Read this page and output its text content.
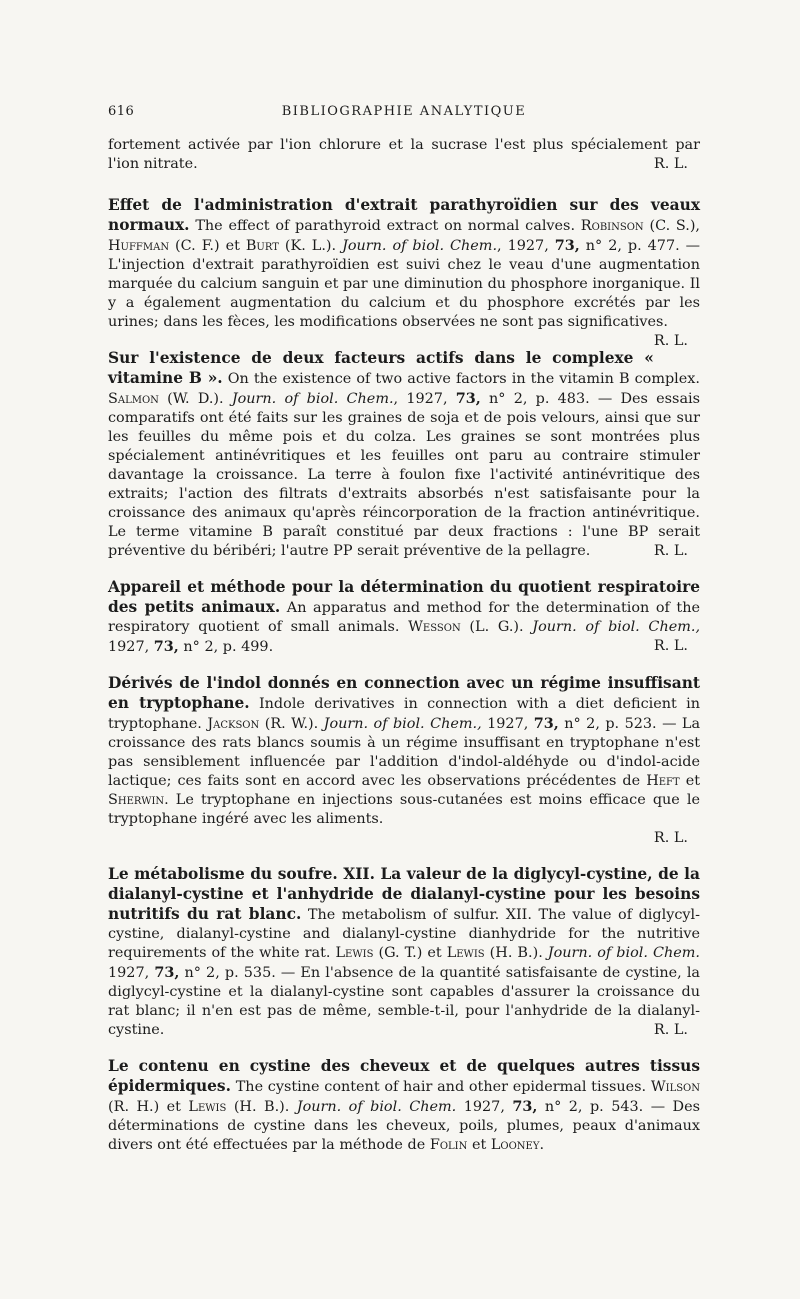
616	BIBLIOGRAPHIE ANALYTIQUE

fortement activée par l'ion chlorure et la sucrase l'est plus spécialement par l'ion nitrate.	R. L.

Effet de l'administration d'extrait parathyroïdien sur des veaux normaux. The effect of parathyroid extract on normal calves. Robinson (C. S.), Huffman (C. F.) et Burt (K. L.). Journ. of biol. Chem., 1927, 73, n° 2, p. 477. — L'injection d'extrait parathyroïdien est suivi chez le veau d'une augmentation marquée du calcium sanguin et par une diminution du phosphore inorganique. Il y a également augmentation du calcium et du phosphore excrétés par les urines; dans les fèces, les modifications observées ne sont pas significatives.
R. L.

Sur l'existence de deux facteurs actifs dans le complexe « vitamine B ». On the existence of two active factors in the vitamin B complex. Salmon (W. D.). Journ. of biol. Chem., 1927, 73, n° 2, p. 483. — Des essais comparatifs ont été faits sur les graines de soja et de pois velours, ainsi que sur les feuilles du même pois et du colza. Les graines se sont montrées plus spécialement antinévritiques et les feuilles ont paru au contraire stimuler davantage la croissance. La terre à foulon fixe l'activité antinévritique des extraits; l'action des filtrats d'extraits absorbés n'est satisfaisante pour la croissance des animaux qu'après réincorporation de la fraction antinévritique. Le terme vitamine B paraît constitué par deux fractions : l'une BP serait préventive du béribéri; l'autre PP serait préventive de la pellagre.	R. L.

Appareil et méthode pour la détermination du quotient respiratoire des petits animaux. An apparatus and method for the determination of the respiratory quotient of small animals. Wesson (L. G.). Journ. of biol. Chem., 1927, 73, n° 2, p. 499.	R. L.

Dérivés de l'indol donnés en connection avec un régime insuffisant en tryptophane. Indole derivatives in connection with a diet deficient in tryptophane. Jackson (R. W.). Journ. of biol. Chem., 1927, 73, n° 2, p. 523. — La croissance des rats blancs soumis à un régime insuffisant en tryptophane n'est pas sensiblement influencée par l'addition d'indol-aldéhyde ou d'indol-acide lactique; ces faits sont en accord avec les observations précédentes de Heft et Sherwin. Le tryptophane en injections sous-cutanées est moins efficace que le tryptophane ingéré avec les aliments.
R. L.

Le métabolisme du soufre. XII. La valeur de la diglycyl-cystine, de la dialanyl-cystine et l'anhydride de dialanyl-cystine pour les besoins nutritifs du rat blanc. The metabolism of sulfur. XII. The value of diglycyl-cystine, dialanyl-cystine and dialanyl-cystine dianhydride for the nutritive requirements of the white rat. Lewis (G. T.) et Lewis (H. B.). Journ. of biol. Chem. 1927, 73, n° 2, p. 535. — En l'absence de la quantité satisfaisante de cystine, la diglycyl-cystine et la dialanyl-cystine sont capables d'assurer la croissance du rat blanc; il n'en est pas de même, semble-t-il, pour l'anhydride de la dialanyl-cystine.	R. L.

Le contenu en cystine des cheveux et de quelques autres tissus épidermiques. The cystine content of hair and other epidermal tissues. Wilson (R. H.) et Lewis (H. B.). Journ. of biol. Chem. 1927, 73, n° 2, p. 543. — Des déterminations de cystine dans les cheveux, poils, plumes, peaux d'animaux divers ont été effectuées par la méthode de Folin et Looney.
